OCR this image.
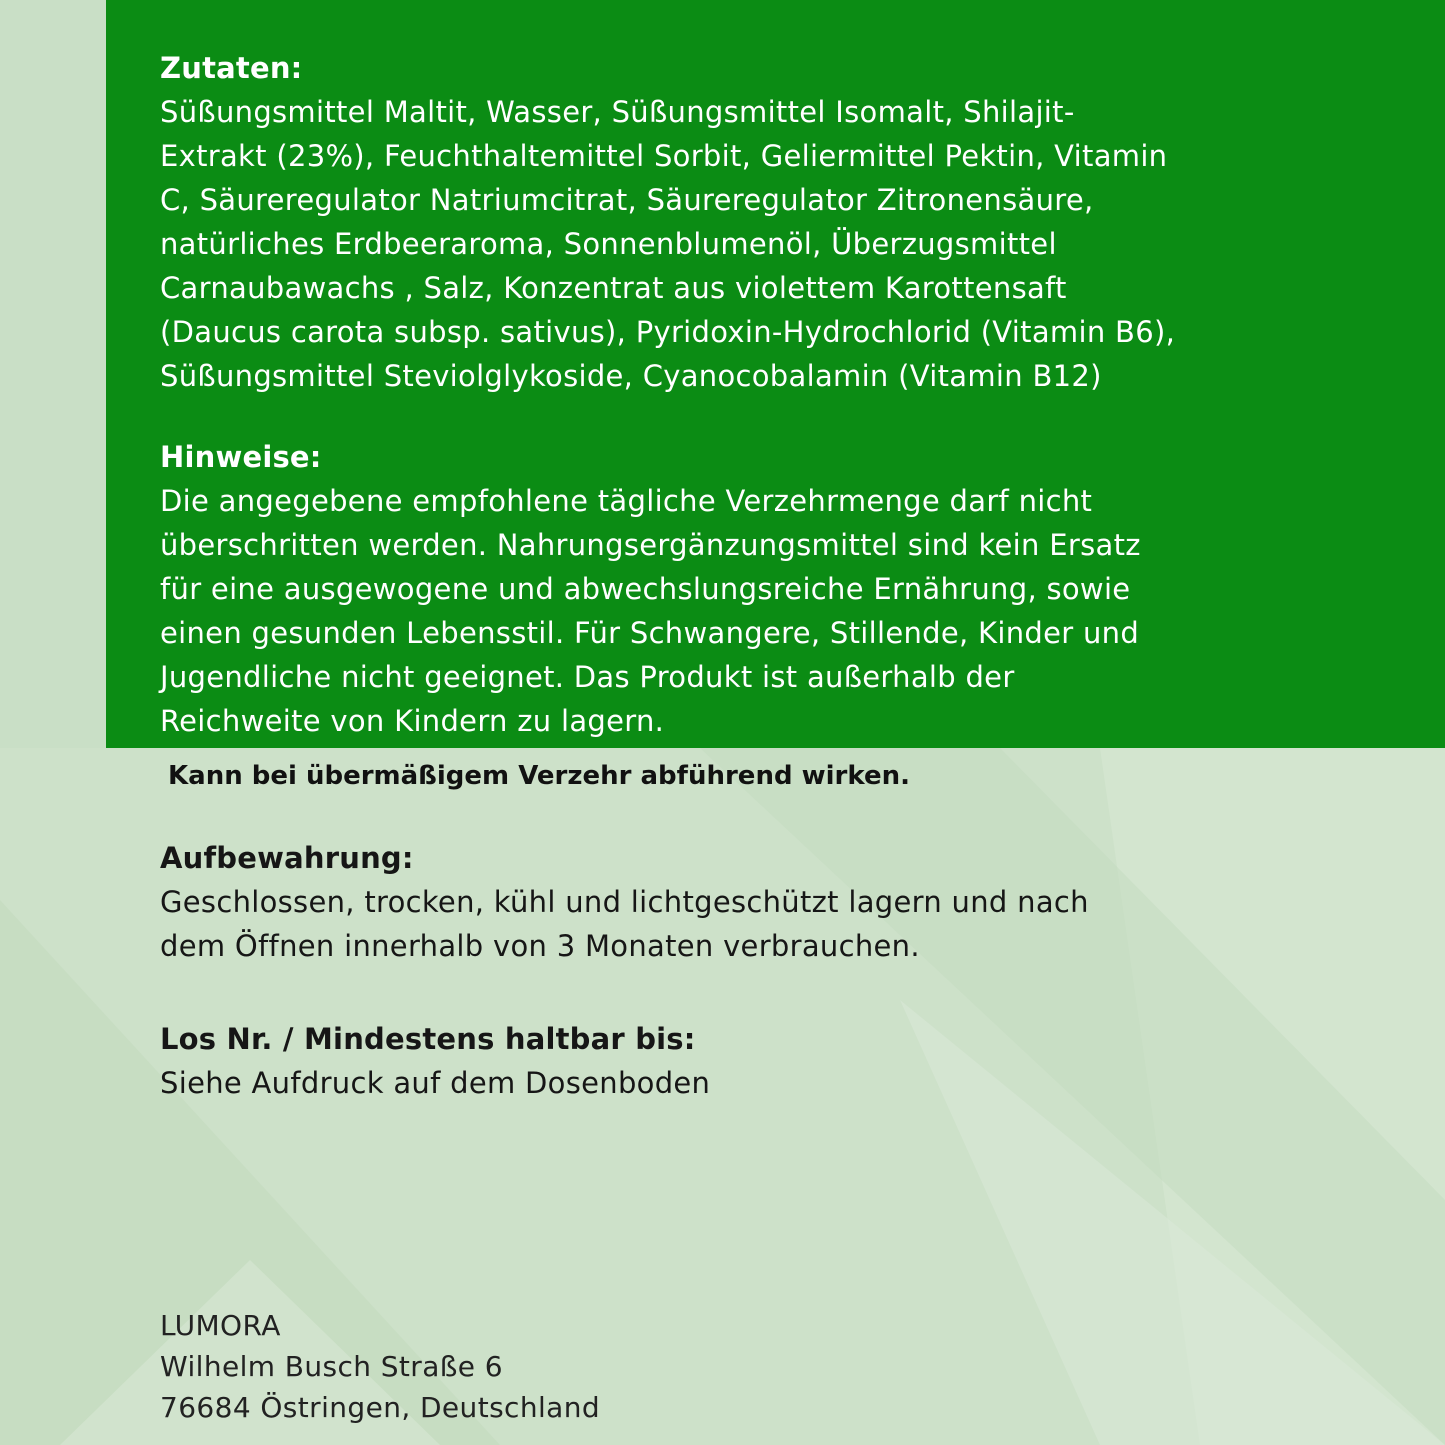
Zutaten:
Süßungsmittel Maltit, Wasser, Süßungsmittel Isomalt, Shilajit-
Extrakt (23%), Feuchthaltemittel Sorbit, Geliermittel Pektin, Vitamin
C, Säureregulator Natriumcitrat, Säureregulator Zitronensäure,
natürliches Erdbeeraroma, Sonnenblumenöl, Überzugsmittel
Carnaubawachs , Salz, Konzentrat aus violettem Karottensaft
(Daucus carota subsp. sativus), Pyridoxin-Hydrochlorid (Vitamin B6),
Süßungsmittel Steviolglykoside, Cyanocobalamin (Vitamin B12)
Hinweise:
Die angegebene empfohlene tägliche Verzehrmenge darf nicht
überschritten werden. Nahrungsergänzungsmittel sind kein Ersatz
für eine ausgewogene und abwechslungsreiche Ernährung, sowie
einen gesunden Lebensstil. Für Schwangere, Stillende, Kinder und
Jugendliche nicht geeignet. Das Produkt ist außerhalb der
Reichweite von Kindern zu lagern.
Kann bei übermäßigem Verzehr abführend wirken.
Aufbewahrung:
Geschlossen, trocken, kühl und lichtgeschützt lagern und nach
dem Öffnen innerhalb von 3 Monaten verbrauchen.
Los Nr. / Mindestens haltbar bis:
Siehe Aufdruck auf dem Dosenboden
LUMORA
Wilhelm Busch Straße 6
76684 Östringen, Deutschland
